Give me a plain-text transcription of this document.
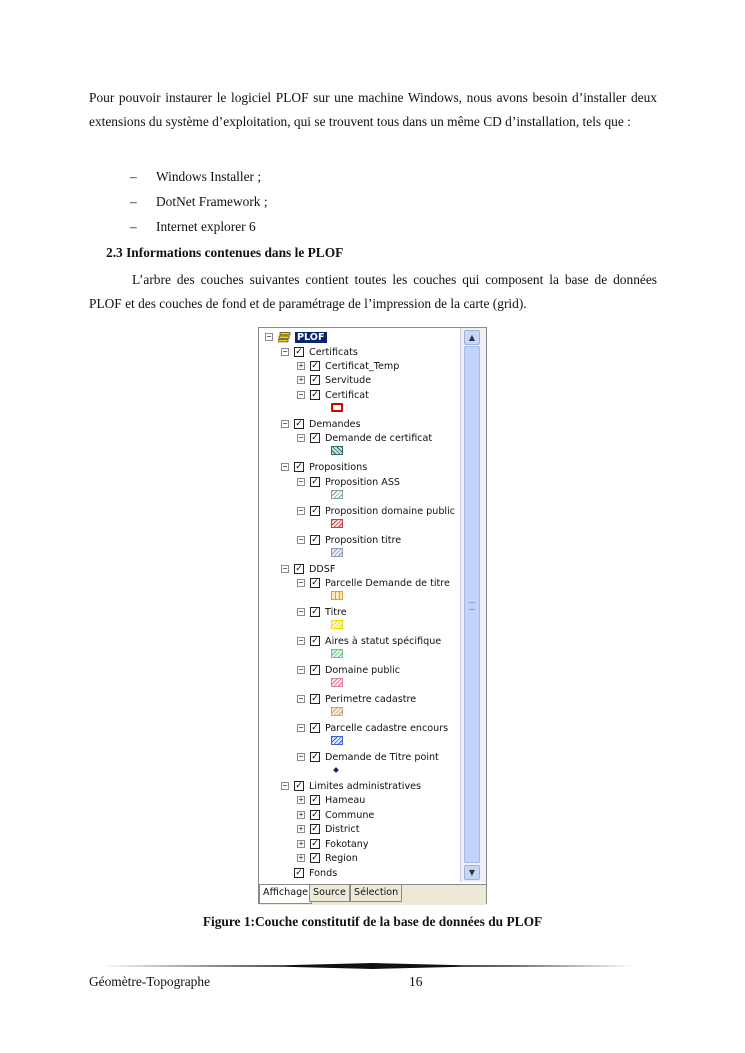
Pour pouvoir instaurer le logiciel PLOF sur une machine Windows, nous avons besoin d’installer deux extensions du système d’exploitation, qui se trouvent tous dans un même CD d’installation, tels que :

– Windows Installer ;
– DotNet Framework ;
– Internet explorer 6

2.3 Informations contenues dans le PLOF

L’arbre des couches suivantes contient toutes les couches qui composent la base de données PLOF et des couches de fond et de paramétrage de l’impression de la carte (grid).

−	PLOF
− ✓ Certificats
+ ✓ Certificat_Temp
+ ✓ Servitude
− ✓ Certificat
− ✓ Demandes
− ✓ Demande de certificat
− ✓ Propositions
− ✓ Proposition ASS
− ✓ Proposition domaine public
− ✓ Proposition titre
− ✓ DDSF
− ✓ Parcelle Demande de titre
− ✓ Titre
− ✓ Aires à statut spécifique
− ✓ Domaine public
− ✓ Perimetre cadastre
− ✓ Parcelle cadastre encours
− ✓ Demande de Titre point
− ✓ Limites administratives
+ ✓ Hameau
+ ✓ Commune
+ ✓ District
+ ✓ Fokotany
+ ✓ Region
✓ Fonds
▲
▼
Affichage Source Sélection

Figure 1:Couche constitutif de la base de données du PLOF

Géomètre-Topographe	16
